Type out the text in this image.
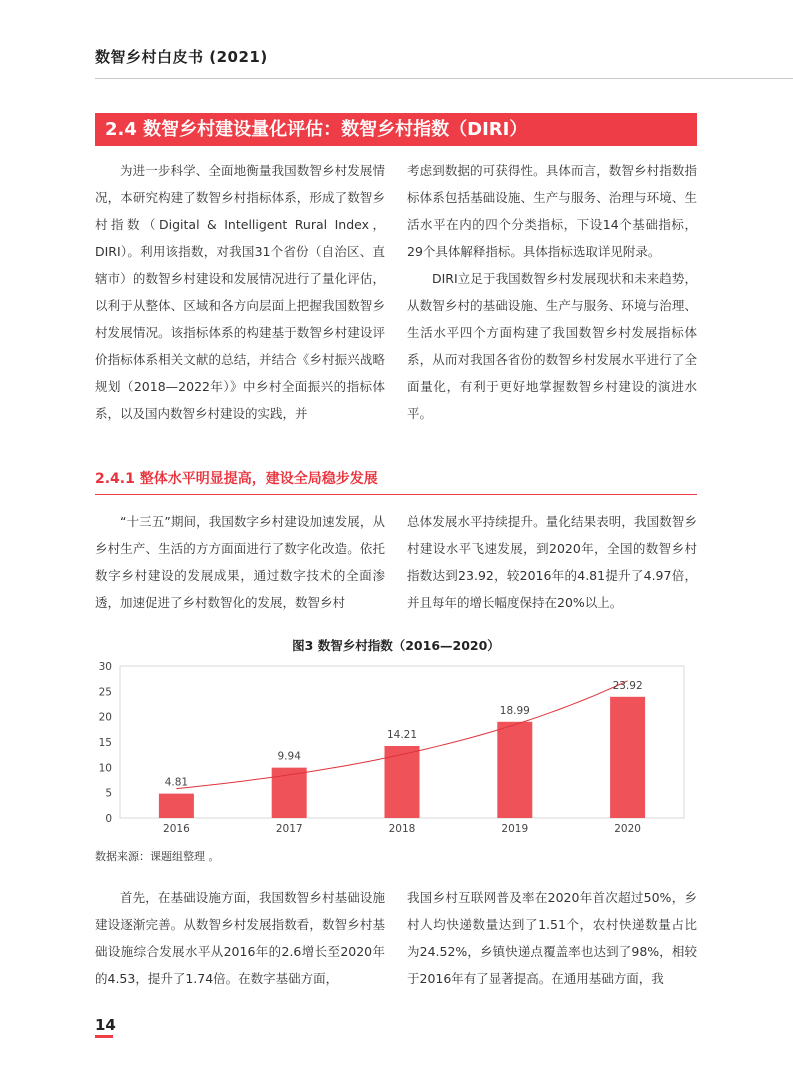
数智乡村白皮书 (2021)
2.4 数智乡村建设量化评估：数智乡村指数（DIRI）

为进一步科学、全面地衡量我国数智乡村发展情况，本研究构建了数智乡村指标体系，形成了数智乡村指数（Digital & Intelligent Rural Index，DIRI）。利用该指数，对我国31个省份（自治区、直辖市）的数智乡村建设和发展情况进行了量化评估，以利于从整体、区域和各方向层面上把握我国数智乡村发展情况。该指标体系的构建基于数智乡村建设评价指标体系相关文献的总结，并结合《乡村振兴战略规划（2018—2022年）》中乡村全面振兴的指标体系，以及国内数智乡村建设的实践，并

考虑到数据的可获得性。具体而言，数智乡村指数指标体系包括基础设施、生产与服务、治理与环境、生活水平在内的四个分类指标，下设14个基础指标，29个具体解释指标。具体指标选取详见附录。

DIRI立足于我国数智乡村发展现状和未来趋势，从数智乡村的基础设施、生产与服务、环境与治理、生活水平四个方面构建了我国数智乡村发展指标体系，从而对我国各省份的数智乡村发展水平进行了全面量化，有利于更好地掌握数智乡村建设的演进水平。

2.4.1 整体水平明显提高，建设全局稳步发展

“十三五”期间，我国数字乡村建设加速发展，从乡村生产、生活的方方面面进行了数字化改造。依托数字乡村建设的发展成果，通过数字技术的全面渗透，加速促进了乡村数智化的发展，数智乡村

总体发展水平持续提升。量化结果表明，我国数智乡村建设水平飞速发展，到2020年，全国的数智乡村指数达到23.92，较2016年的4.81提升了4.97倍，并且每年的增长幅度保持在20%以上。

图3 数智乡村指数（2016—2020）
0
5
10
15
20
25
30
4.81
9.94
14.21
18.99
23.92
2016	2017	2018	2019	2020
数据来源：课题组整理 。

首先，在基础设施方面，我国数智乡村基础设施建设逐渐完善。从数智乡村发展指数看，数智乡村基础设施综合发展水平从2016年的2.6增长至2020年的4.53，提升了1.74倍。在数字基础方面，

我国乡村互联网普及率在2020年首次超过50%，乡村人均快递数量达到了1.51个，农村快递数量占比为24.52%，乡镇快递点覆盖率也达到了98%，相较于2016年有了显著提高。在通用基础方面，我

14
